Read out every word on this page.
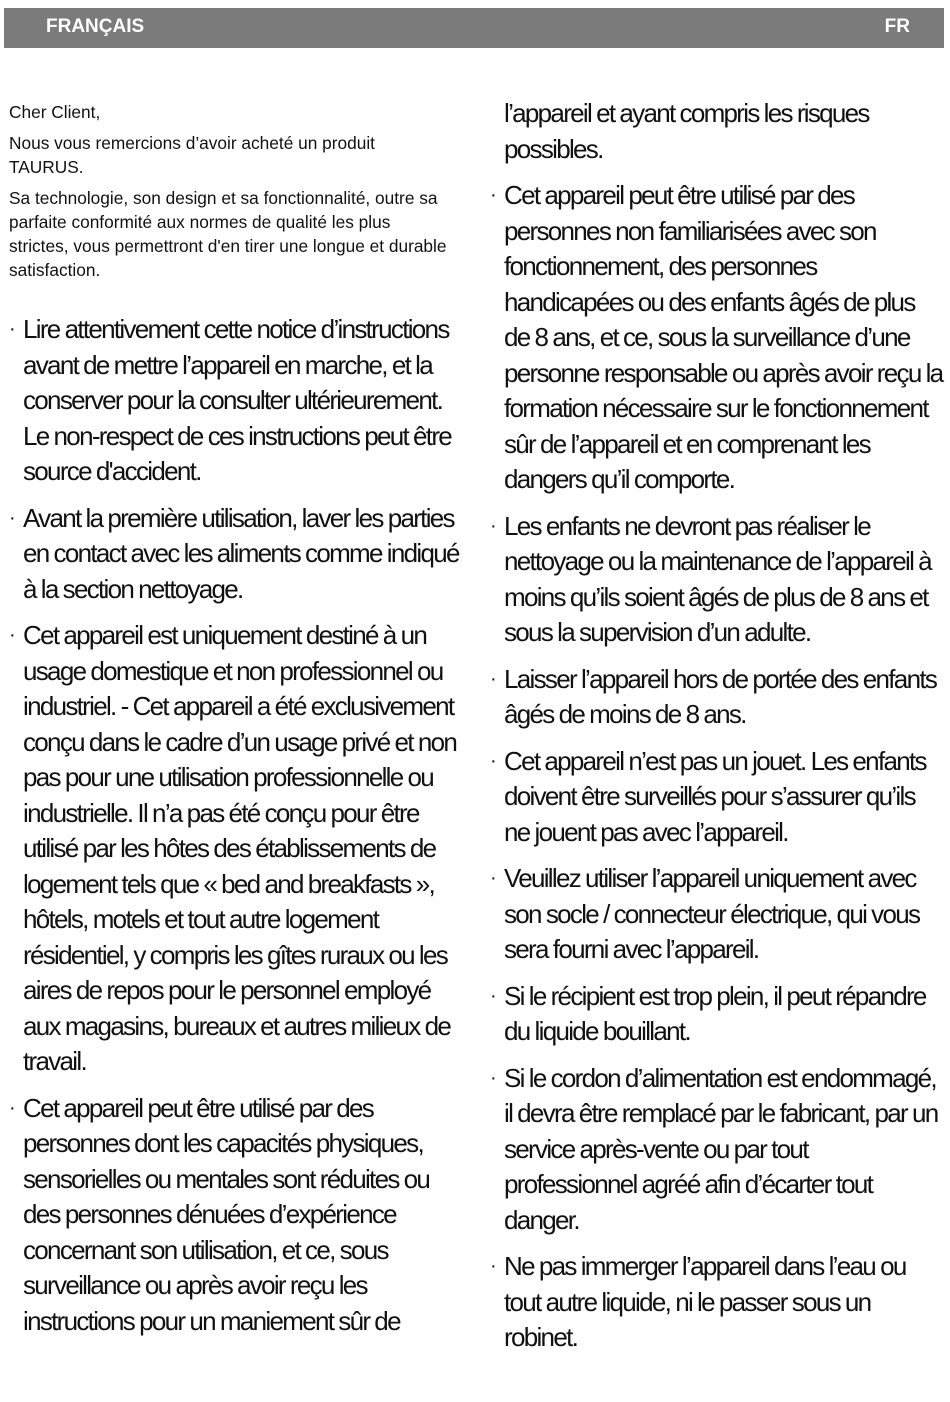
FRANÇAIS	FR

Cher Client,

Nous vous remercions d’avoir acheté un produit TAURUS.

Sa technologie, son design et sa fonctionnalité, outre sa parfaite conformité aux normes de qualité les plus strictes, vous permettront d'en tirer une longue et durable satisfaction.

· Lire attentivement cette notice d’instructions avant de mettre l’appareil en marche, et la conserver pour la consulter ultérieurement. Le non-respect de ces instructions peut être source d'accident.
· Avant la première utilisation, laver les parties en contact avec les aliments comme indiqué à la section nettoyage.
· Cet appareil est uniquement destiné à un usage domestique et non professionnel ou industriel. - Cet appareil a été exclusivement conçu dans le cadre d’un usage privé et non pas pour une utilisation professionnelle ou industrielle. Il n’a pas été conçu pour être utilisé par les hôtes des établissements de logement tels que « bed and breakfasts », hôtels, motels et tout autre logement résidentiel, y compris les gîtes ruraux ou les aires de repos pour le personnel employé aux magasins, bureaux et autres milieux de travail.
· Cet appareil peut être utilisé par des personnes dont les capacités physiques, sensorielles ou mentales sont réduites ou des personnes dénuées d’expérience concernant son utilisation, et ce, sous surveillance ou après avoir reçu les instructions pour un maniement sûr de
l’appareil et ayant compris les risques possibles.
· Cet appareil peut être utilisé par des personnes non familiarisées avec son fonctionnement, des personnes handicapées ou des enfants âgés de plus de 8 ans, et ce, sous la surveillance d’une personne responsable ou après avoir reçu la formation nécessaire sur le fonctionnement sûr de l’appareil et en comprenant les dangers qu’il comporte.
· Les enfants ne devront pas réaliser le nettoyage ou la maintenance de l’appareil à moins qu’ils soient âgés de plus de 8 ans et sous la supervision d’un adulte.
· Laisser l’appareil hors de portée des enfants âgés de moins de 8 ans.
· Cet appareil n’est pas un jouet. Les enfants doivent être surveillés pour s’assurer qu’ils ne jouent pas avec l’appareil.
· Veuillez utiliser l’appareil uniquement avec son socle / connecteur électrique, qui vous sera fourni avec l’appareil.
· Si le récipient est trop plein, il peut répandre du liquide bouillant.
· Si le cordon d’alimentation est endommagé, il devra être remplacé par le fabricant, par un service après-vente ou par tout professionnel agréé afin d’écarter tout danger.
· Ne pas immerger l’appareil dans l’eau ou tout autre liquide, ni le passer sous un robinet.
